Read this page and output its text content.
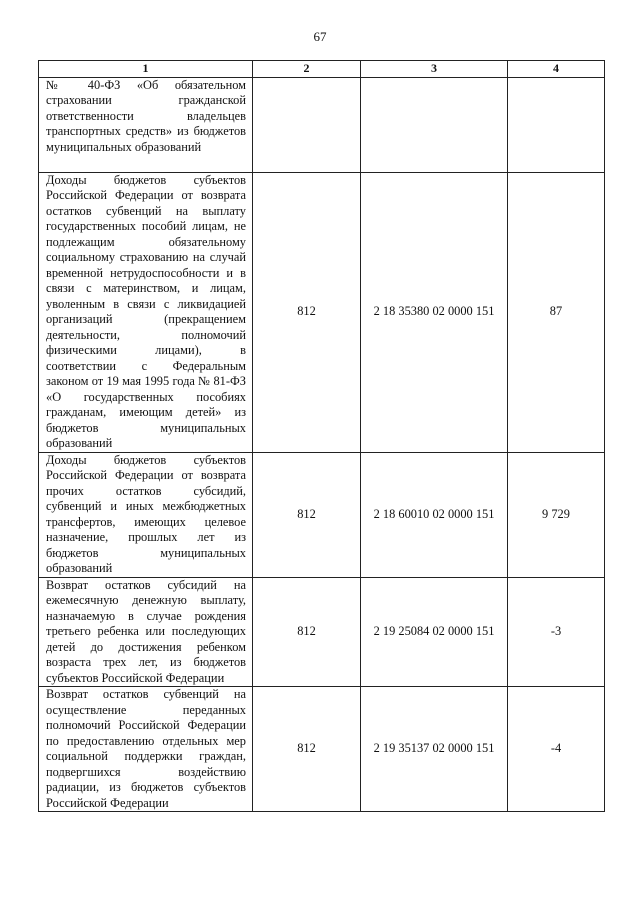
67
1	2	3	4
№ 40-ФЗ «Об обязательном страховании гражданской ответственности владельцев транспортных средств» из бюджетов муниципальных образований			
Доходы бюджетов субъектов Российской Федерации от возврата остатков субвенций на выплату государственных пособий лицам, не подлежащим обязательному социальному страхованию на случай временной нетрудоспособности и в связи с материнством, и лицам, уволенным в связи с ликвидацией организаций (прекращением деятельности, полномочий физическими лицами), в соответствии с Федеральным законом от 19 мая 1995 года № 81-ФЗ «О государственных пособиях гражданам, имеющим детей» из бюджетов муниципальных образований	812	2 18 35380 02 0000 151	87
Доходы бюджетов субъектов Российской Федерации от возврата прочих остатков субсидий, субвенций и иных межбюджетных трансфертов, имеющих целевое назначение, прошлых лет из бюджетов муниципальных образований	812	2 18 60010 02 0000 151	9 729
Возврат остатков субсидий на ежемесячную денежную выплату, назначаемую в случае рождения третьего ребенка или последующих детей до достижения ребенком возраста трех лет, из бюджетов субъектов Российской Федерации	812	2 19 25084 02 0000 151	-3
Возврат остатков субвенций на осуществление переданных полномочий Российской Федерации по предоставлению отдельных мер социальной поддержки граждан, подвергшихся воздействию радиации, из бюджетов субъектов Российской Федерации	812	2 19 35137 02 0000 151	-4
